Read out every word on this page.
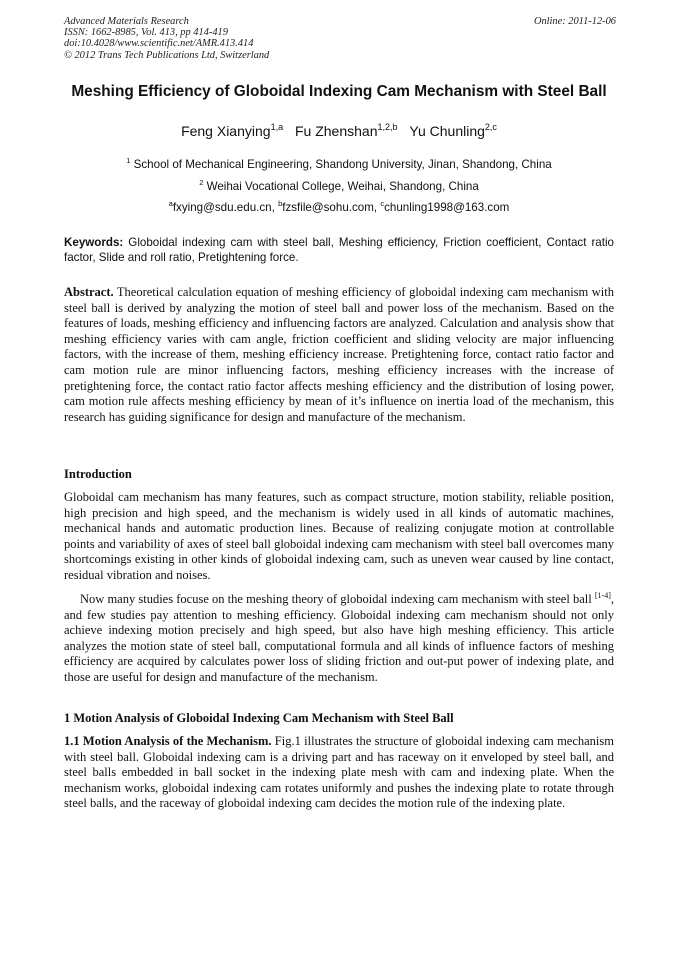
Advanced Materials Research
ISSN: 1662-8985, Vol. 413, pp 414-419
doi:10.4028/www.scientific.net/AMR.413.414
© 2012 Trans Tech Publications Ltd, Switzerland
Online: 2011-12-06
Meshing Efficiency of Globoidal Indexing Cam Mechanism with Steel Ball
Feng Xianying$^{1,a}$ Fu Zhenshan$^{1,2,b}$ Yu Chunling$^{2,c}$
$^1$ School of Mechanical Engineering, Shandong University, Jinan, Shandong, China
$^2$ Weihai Vocational College, Weihai, Shandong, China
$^a$fxying@sdu.edu.cn, $^b$fzsfile@sohu.com, $^c$chunling1998@163.com
Keywords: Globoidal indexing cam with steel ball, Meshing efficiency, Friction coefficient, Contact ratio factor, Slide and roll ratio, Pretightening force.
Abstract. Theoretical calculation equation of meshing efficiency of globoidal indexing cam mechanism with steel ball is derived by analyzing the motion of steel ball and power loss of the mechanism. Based on the features of loads, meshing efficiency and influencing factors are analyzed. Calculation and analysis show that meshing efficiency varies with cam angle, friction coefficient and sliding velocity are major influencing factors, with the increase of them, meshing efficiency increase. Pretightening force, contact ratio factor and cam motion rule are minor influencing factors, meshing efficiency increases with the increase of pretightening force, the contact ratio factor affects meshing efficiency and the distribution of losing power, cam motion rule affects meshing efficiency by mean of it’s influence on inertia load of the mechanism, this research has guiding significance for design and manufacture of the mechanism.
Introduction
Globoidal cam mechanism has many features, such as compact structure, motion stability, reliable position, high precision and high speed, and the mechanism is widely used in all kinds of automatic machines, mechanical hands and automatic production lines. Because of realizing conjugate motion at controllable points and variability of axes of steel ball globoidal indexing cam mechanism with steel ball overcomes many shortcomings existing in other kinds of globoidal indexing cam, such as uneven wear caused by line contact, residual vibration and noises.
Now many studies focuse on the meshing theory of globoidal indexing cam mechanism with steel ball [1-4], and few studies pay attention to meshing efficiency. Globoidal indexing cam mechanism should not only achieve indexing motion precisely and high speed, but also have high meshing efficiency. This article analyzes the motion state of steel ball, computational formula and all kinds of influence factors of meshing efficiency are acquired by calculates power loss of sliding friction and out-put power of indexing plate, and those are useful for design and manufacture of the mechanism.
1 Motion Analysis of Globoidal Indexing Cam Mechanism with Steel Ball
1.1 Motion Analysis of the Mechanism. Fig.1 illustrates the structure of globoidal indexing cam mechanism with steel ball. Globoidal indexing cam is a driving part and has raceway on it enveloped by steel ball, and steel balls embedded in ball socket in the indexing plate mesh with cam and indexing plate. When the mechanism works, globoidal indexing cam rotates uniformly and pushes the indexing plate to rotate through steel balls, and the raceway of globoidal indexing cam decides the motion rule of the indexing plate.
